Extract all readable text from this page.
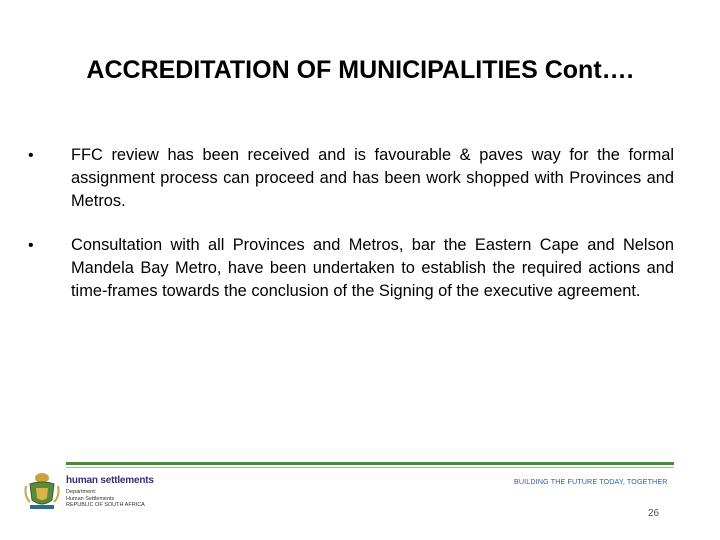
ACCREDITATION OF MUNICIPALITIES Cont….
• FFC review has been received and is favourable & paves way for the formal assignment process can proceed and has been work shopped with Provinces and Metros.
• Consultation with all Provinces and Metros, bar the Eastern Cape and Nelson Mandela Bay Metro, have been undertaken to establish the required actions and time-frames towards the conclusion of the Signing of the executive agreement.
human settlements
Department:
Human Settlements
REPUBLIC OF SOUTH AFRICA
BUILDING THE FUTURE TODAY, TOGETHER
26
